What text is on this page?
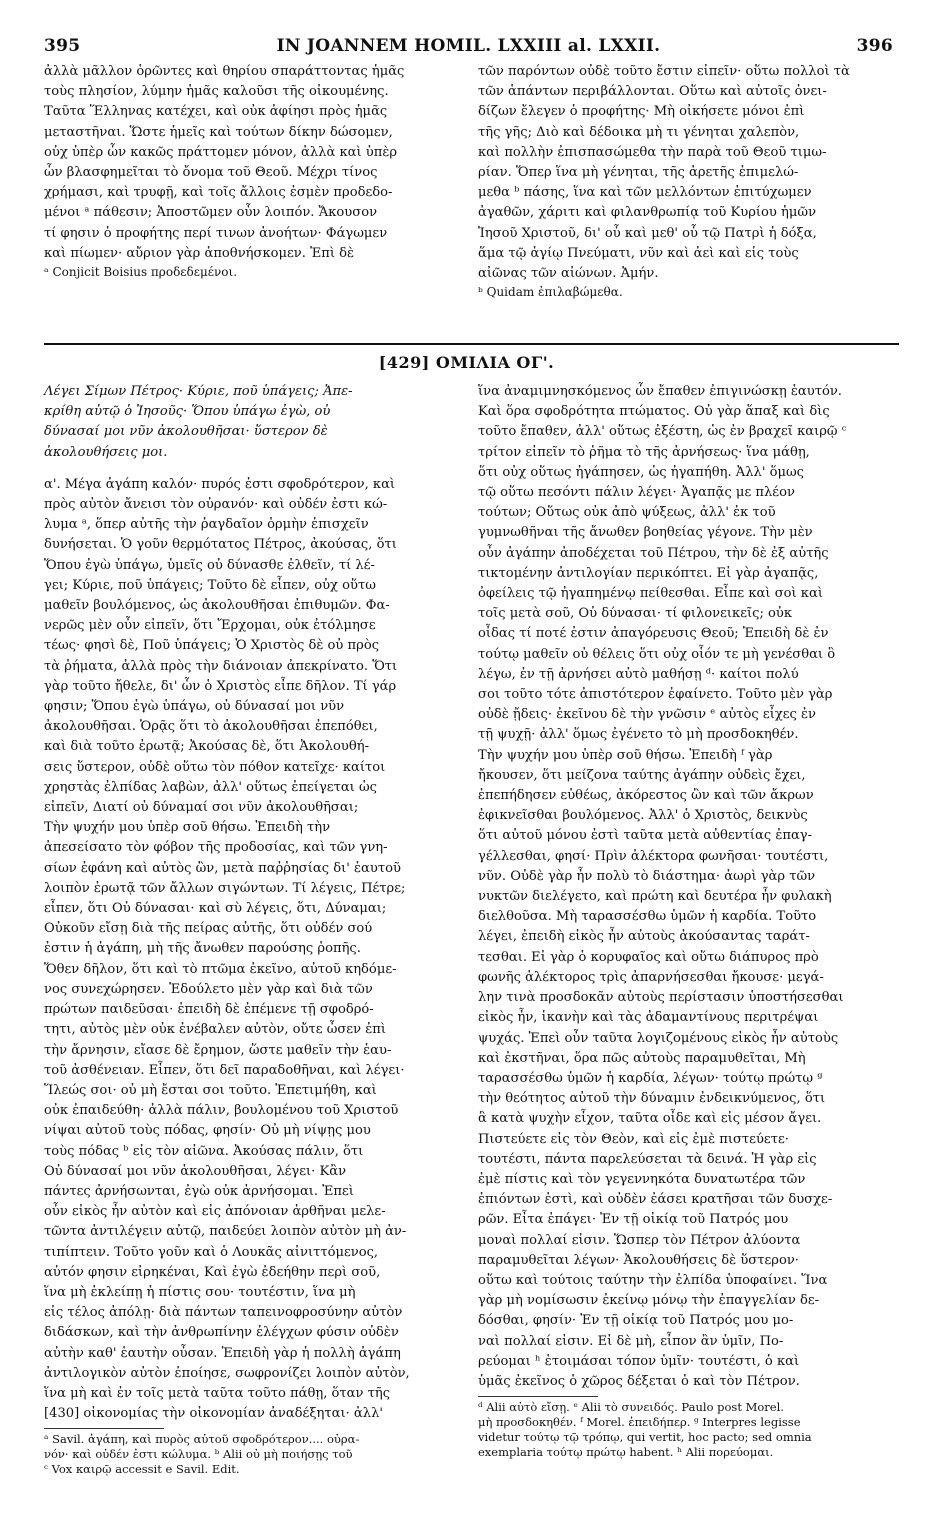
395	IN JOANNEM HOMIL. LXXIII al. LXXII.	396
ἀλλὰ μᾶλλον ὁρῶντες καὶ θηρίου σπαράττοντας ἡμᾶς
τοὺς πλησίον, λύμην ἡμᾶς καλοῦσι τῆς οἰκουμένης.
Ταῦτα Ἕλληνας κατέχει, καὶ οὐκ ἀφίησι πρὸς ἡμᾶς
μεταστῆναι. Ὥστε ἡμεῖς καὶ τούτων δίκην δώσομεν,
οὐχ ὑπὲρ ὧν κακῶς πράττομεν μόνον, ἀλλὰ καὶ ὑπὲρ
ὧν βλασφημεῖται τὸ ὄνομα τοῦ Θεοῦ. Μέχρι τίνος
χρήμασι, καὶ τρυφῇ, καὶ τοῖς ἄλλοις ἐσμὲν προδεδο-
μένοι ᵃ πάθεσιν; Ἀποστῶμεν οὖν λοιπόν. Ἄκουσον
τί φησιν ὁ προφήτης περί τινων ἀνοήτων· Φάγωμεν
καὶ πίωμεν· αὔριον γὰρ ἀποθνήσκομεν. Ἐπὶ δὲ

ᵃ Conjicit Boisius προδεδεμένοι.

τῶν παρόντων οὐδὲ τοῦτο ἔστιν εἰπεῖν· οὕτω πολλοὶ τὰ
τῶν ἁπάντων περιβάλλονται. Οὕτω καὶ αὐτοῖς ὀνει-
δίζων ἔλεγεν ὁ προφήτης· Μὴ οἰκήσετε μόνοι ἐπὶ
τῆς γῆς; Διὸ καὶ δέδοικα μὴ τι γένηται χαλεπὸν,
καὶ πολλὴν ἐπισπασώμεθα τὴν παρὰ τοῦ Θεοῦ τιμω-
ρίαν. Ὅπερ ἵνα μὴ γένηται, τῆς ἀρετῆς ἐπιμελώ-
μεθα ᵇ πάσης, ἵνα καὶ τῶν μελλόντων ἐπιτύχωμεν
ἀγαθῶν, χάριτι καὶ φιλανθρωπίᾳ τοῦ Κυρίου ἡμῶν
Ἰησοῦ Χριστοῦ, δι' οὗ καὶ μεθ' οὗ τῷ Πατρὶ ἡ δόξα,
ἅμα τῷ ἁγίῳ Πνεύματι, νῦν καὶ ἀεὶ καὶ εἰς τοὺς
αἰῶνας τῶν αἰώνων. Ἀμήν.

ᵇ Quidam ἐπιλαβώμεθα.

[429] ΟΜΙΛΙΑ ΟΓ'.
Λέγει Σίμων Πέτρος· Κύριε, ποῦ ὑπάγεις; Ἀπε-
κρίθη αὐτῷ ὁ Ἰησοῦς· Ὅπου ὑπάγω ἐγὼ, οὐ
δύνασαί μοι νῦν ἀκολουθῆσαι· ὕστερον δὲ
ἀκολουθήσεις μοι.
α'. Μέγα ἀγάπη καλόν· πυρός ἐστι σφοδρότερον, καὶ
πρὸς αὐτὸν ἄνεισι τὸν οὐρανόν· καὶ οὐδέν ἐστι κώ-
λυμα ᵃ, ὅπερ αὐτῆς τὴν ῥαγδαῖον ὁρμὴν ἐπισχεῖν
δυνήσεται. Ὁ γοῦν θερμότατος Πέτρος, ἀκούσας, ὅτι
Ὅπου ἐγὼ ὑπάγω, ὑμεῖς οὐ δύνασθε ἐλθεῖν, τί λέ-
γει; Κύριε, ποῦ ὑπάγεις; Τοῦτο δὲ εἶπεν, οὐχ οὕτω
μαθεῖν βουλόμενος, ὡς ἀκολουθῆσαι ἐπιθυμῶν. Φα-
νερῶς μὲν οὖν εἰπεῖν, ὅτι Ἔρχομαι, οὐκ ἐτόλμησε
τέως· φησὶ δὲ, Ποῦ ὑπάγεις; Ὁ Χριστὸς δὲ οὐ πρὸς
τὰ ῥήματα, ἀλλὰ πρὸς τὴν διάνοιαν ἀπεκρίνατο. Ὅτι
γὰρ τοῦτο ἤθελε, δι' ὧν ὁ Χριστὸς εἶπε δῆλον. Τί γάρ
φησιν; Ὅπου ἐγὼ ὑπάγω, οὐ δύνασαί μοι νῦν
ἀκολουθῆσαι. Ὁρᾷς ὅτι τὸ ἀκολουθῆσαι ἐπεπόθει,
καὶ διὰ τοῦτο ἐρωτᾷ; Ἀκούσας δὲ, ὅτι Ἀκολουθή-
σεις ὕστερον, οὐδὲ οὕτω τὸν πόθον κατεῖχε· καίτοι
χρηστὰς ἐλπίδας λαβὼν, ἀλλ' οὕτως ἐπείγεται ὡς
εἰπεῖν, Διατί οὐ δύναμαί σοι νῦν ἀκολουθῆσαι;
Τὴν ψυχήν μου ὑπὲρ σοῦ θήσω. Ἐπειδὴ τὴν
ἀπεσείσατο τὸν φόβον τῆς προδοσίας, καὶ τῶν γνη-
σίων ἐφάνη καὶ αὐτὸς ὢν, μετὰ παῤῥησίας δι' ἑαυτοῦ
λοιπὸν ἐρωτᾷ τῶν ἄλλων σιγώντων. Τί λέγεις, Πέτρε;
εἶπεν, ὅτι Οὐ δύνασαι· καὶ σὺ λέγεις, ὅτι, Δύναμαι;
Οὐκοῦν εἴσῃ διὰ τῆς πείρας αὐτῆς, ὅτι οὐδέν σού
ἐστιν ἡ ἀγάπη, μὴ τῆς ἄνωθεν παρούσης ῥοπῆς.
Ὅθεν δῆλον, ὅτι καὶ τὸ πτῶμα ἐκεῖνο, αὐτοῦ κηδόμε-
νος συνεχώρησεν. Ἐδούλετο μὲν γὰρ καὶ διὰ τῶν
πρώτων παιδεῦσαι· ἐπειδὴ δὲ ἐπέμενε τῇ σφοδρό-
τητι, αὐτὸς μὲν οὐκ ἐνέβαλεν αὐτὸν, οὔτε ὦσεν ἐπὶ
τὴν ἄρνησιν, εἴασε δὲ ἔρημον, ὥστε μαθεῖν τὴν ἑαυ-
τοῦ ἀσθένειαν. Εἶπεν, ὅτι δεῖ παραδοθῆναι, καὶ λέγει·
Ἵλεώς σοι· οὐ μὴ ἔσται σοι τοῦτο. Ἐπετιμήθη, καὶ
οὐκ ἐπαιδεύθη· ἀλλὰ πάλιν, βουλομένου τοῦ Χριστοῦ
νίψαι αὐτοῦ τοὺς πόδας, φησίν· Οὐ μὴ νίψῃς μου
τοὺς πόδας ᵇ εἰς τὸν αἰῶνα. Ἀκούσας πάλιν, ὅτι
Οὐ δύνασαί μοι νῦν ἀκολουθῆσαι, λέγει· Κἂν
πάντες ἀρνήσωνται, ἐγὼ οὐκ ἀρνήσομαι. Ἐπεὶ
οὖν εἰκὸς ἦν αὐτὸν καὶ εἰς ἀπόνοιαν ἀρθῆναι μελε-
τῶντα ἀντιλέγειν αὐτῷ, παιδεύει λοιπὸν αὐτὸν μὴ ἀν-
τιπίπτειν. Τοῦτο γοῦν καὶ ὁ Λουκᾶς αἰνιττόμενος,
αὐτόν φησιν εἰρηκέναι, Καὶ ἐγὼ ἐδεήθην περὶ σοῦ,
ἵνα μὴ ἐκλείπῃ ἡ πίστις σου· τουτέστιν, ἵνα μὴ
εἰς τέλος ἀπόλῃ· διὰ πάντων ταπεινοφροσύνην αὐτὸν
διδάσκων, καὶ τὴν ἀνθρωπίνην ἐλέγχων φύσιν οὐδὲν
αὐτὴν καθ' ἑαυτὴν οὖσαν. Ἐπειδὴ γὰρ ἡ πολλὴ ἀγάπη
ἀντιλογικὸν αὐτὸν ἐποίησε, σωφρονίζει λοιπὸν αὐτὸν,
ἵνα μὴ καὶ ἐν τοῖς μετὰ ταῦτα τοῦτο πάθῃ, ὅταν τῆς
[430] οἰκονομίας τὴν οἰκονομίαν ἀναδέξηται· ἀλλ'
ᵃ Savil. ἀγάπη, καὶ πυρὸς αὐτοῦ σφοδρότερον.... οὐρα-
νόν· καὶ οὐδέν ἐστι κώλυμα. ᵇ Alii οὐ μὴ ποιήσῃς τοῦ
ᶜ Vox καιρῷ accessit e Savil. Edit.
ἵνα ἀναμιμνησκόμενος ὧν ἔπαθεν ἐπιγινώσκῃ ἑαυτόν.
Καὶ ὅρα σφοδρότητα πτώματος. Οὐ γὰρ ἅπαξ καὶ δὶς
τοῦτο ἔπαθεν, ἀλλ' οὕτως ἐξέστη, ὡς ἐν βραχεῖ καιρῷ ᶜ
τρίτον εἰπεῖν τὸ ῥῆμα τὸ τῆς ἀρνήσεως· ἵνα μάθῃ,
ὅτι οὐχ οὕτως ἠγάπησεν, ὡς ἠγαπήθη. Ἀλλ' ὅμως
τῷ οὕτω πεσόντι πάλιν λέγει· Ἀγαπᾷς με πλέον
τούτων; Οὕτως οὐκ ἀπὸ ψύξεως, ἀλλ' ἐκ τοῦ
γυμνωθῆναι τῆς ἄνωθεν βοηθείας γέγονε. Τὴν μὲν
οὖν ἀγάπην ἀποδέχεται τοῦ Πέτρου, τὴν δὲ ἐξ αὐτῆς
τικτομένην ἀντιλογίαν περικόπτει. Εἰ γὰρ ἀγαπᾷς,
ὀφείλεις τῷ ἠγαπημένῳ πείθεσθαι. Εἶπε καὶ σοὶ καὶ
τοῖς μετὰ σοῦ, Οὐ δύνασαι· τί φιλονεικεῖς; οὐκ
οἶδας τί ποτέ ἐστιν ἀπαγόρευσις Θεοῦ; Ἐπειδὴ δὲ ἐν
τούτῳ μαθεῖν οὐ θέλεις ὅτι οὐχ οἷόν τε μὴ γενέσθαι ὃ
λέγω, ἐν τῇ ἀρνήσει αὐτὸ μαθήσῃ ᵈ· καίτοι πολύ
σοι τοῦτο τότε ἀπιστότερον ἐφαίνετο. Τοῦτο μὲν γὰρ
οὐδὲ ᾔδεις· ἐκεῖνου δὲ τὴν γνῶσιν ᵉ αὐτὸς εἶχες ἐν
τῇ ψυχῇ· ἀλλ' ὅμως ἐγένετο τὸ μὴ προσδοκηθέν.
Τὴν ψυχήν μου ὑπὲρ σοῦ θήσω. Ἐπειδὴ ᶠ γὰρ
ἤκουσεν, ὅτι μείζονα ταύτης ἀγάπην οὐδεὶς ἔχει,
ἐπεπήδησεν εὐθέως, ἀκόρεστος ὢν καὶ τῶν ἄκρων
ἐφικνεῖσθαι βουλόμενος. Ἀλλ' ὁ Χριστὸς, δεικνὺς
ὅτι αὐτοῦ μόνου ἐστὶ ταῦτα μετὰ αὐθεντίας ἐπαγ-
γέλλεσθαι, φησί· Πρὶν ἀλέκτορα φωνῆσαι· τουτέστι,
νῦν. Οὐδὲ γὰρ ἦν πολὺ τὸ διάστημα· ἀωρὶ γὰρ τῶν
νυκτῶν διελέγετο, καὶ πρώτη καὶ δευτέρα ἦν φυλακὴ
διελθοῦσα. Μὴ ταρασσέσθω ὑμῶν ἡ καρδία. Τοῦτο
λέγει, ἐπειδὴ εἰκὸς ἦν αὐτοὺς ἀκούσαντας ταράτ-
τεσθαι. Εἰ γὰρ ὁ κορυφαῖος καὶ οὕτω διάπυρος πρὸ
φωνῆς ἀλέκτορος τρὶς ἀπαρνήσεσθαι ἤκουσε· μεγά-
λην τινὰ προσδοκᾶν αὐτοὺς περίστασιν ὑποστήσεσθαι
εἰκὸς ἦν, ἱκανὴν καὶ τὰς ἀδαμαντίνους περιτρέψαι
ψυχάς. Ἐπεὶ οὖν ταῦτα λογιζομένους εἰκὸς ἦν αὐτοὺς
καὶ ἐκστῆναι, ὅρα πῶς αὐτοὺς παραμυθεῖται, Μὴ
ταρασσέσθω ὑμῶν ἡ καρδία, λέγων· τούτῳ πρώτῳ ᵍ
τὴν θεότητος αὐτοῦ τὴν δύναμιν ἐνδεικνύμενος, ὅτι
ἃ κατὰ ψυχὴν εἶχον, ταῦτα οἶδε καὶ εἰς μέσον ἄγει.
Πιστεύετε εἰς τὸν Θεὸν, καὶ εἰς ἐμὲ πιστεύετε·
τουτέστι, πάντα παρελεύσεται τὰ δεινά. Ἡ γὰρ εἰς
ἐμὲ πίστις καὶ τὸν γεγεννηκότα δυνατωτέρα τῶν
ἐπιόντων ἐστὶ, καὶ οὐδὲν ἐάσει κρατῆσαι τῶν δυσχε-
ρῶν. Εἶτα ἐπάγει· Ἐν τῇ οἰκίᾳ τοῦ Πατρός μου
μοναὶ πολλαί εἰσιν. Ὥσπερ τὸν Πέτρον ἀλύοντα
παραμυθεῖται λέγων· Ἀκολουθήσεις δὲ ὕστερον·
οὕτω καὶ τούτοις ταύτην τὴν ἐλπίδα ὑποφαίνει. Ἵνα
γὰρ μὴ νομίσωσιν ἐκείνῳ μόνῳ τὴν ἐπαγγελίαν δε-
δόσθαι, φησίν· Ἐν τῇ οἰκίᾳ τοῦ Πατρός μου μο-
ναὶ πολλαί εἰσιν. Εἰ δὲ μὴ, εἶπον ἂν ὑμῖν, Πο-
ρεύομαι ʰ ἑτοιμάσαι τόπον ὑμῖν· τουτέστι, ὁ καὶ
ὑμᾶς ἐκεῖνος ὁ χῶρος δέξεται ὁ καὶ τὸν Πέτρον.
ᵈ Alii αὐτὸ εἴσῃ. ᵉ Alii τὸ συνειδός. Paulo post Morel.
μὴ προσδοκηθέν. ᶠ Morel. ἐπειδήπερ. ᵍ Interpres legisse
videtur τούτῳ τῷ τρόπῳ, qui vertit, hoc pacto; sed omnia
exemplaria τούτῳ πρώτῳ habent. ʰ Alii πορεύομαι.
